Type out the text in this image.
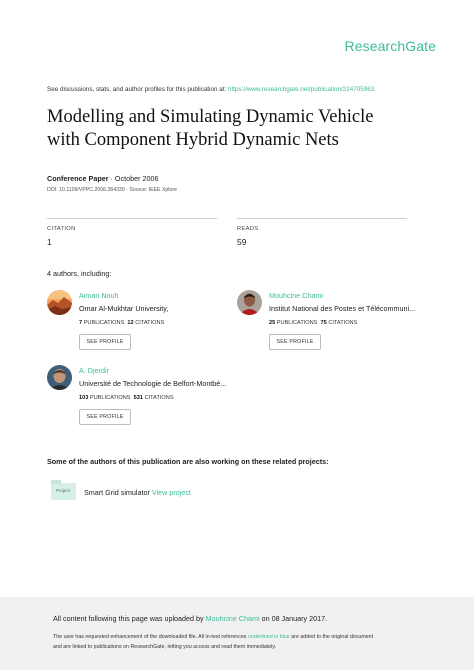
ResearchGate
See discussions, stats, and author profiles for this publication at: https://www.researchgate.net/publication/224705963
Modelling and Simulating Dynamic Vehicle
with Component Hybrid Dynamic Nets
Conference Paper · October 2006
DOI: 10.1109/VPPC.2006.364330 · Source: IEEE Xplore
CITATION
1
READS
59
4 authors, including:
Aiman Nouh
Omar Al-Mukhtar University,
7 PUBLICATIONS 12 CITATIONS
SEE PROFILE
Mouhcine Chami
Institut National des Postes et Télécommuni...
25 PUBLICATIONS 75 CITATIONS
SEE PROFILE
A. Djerdir
Université de Technologie de Belfort-Montbé...
103 PUBLICATIONS 531 CITATIONS
SEE PROFILE
Some of the authors of this publication are also working on these related projects:
Project Smart Grid simulator View project
All content following this page was uploaded by Mouhcine Chami on 08 January 2017.
The user has requested enhancement of the downloaded file. All in-text references underlined in blue are added to the original document
and are linked to publications on ResearchGate, letting you access and read them immediately.
